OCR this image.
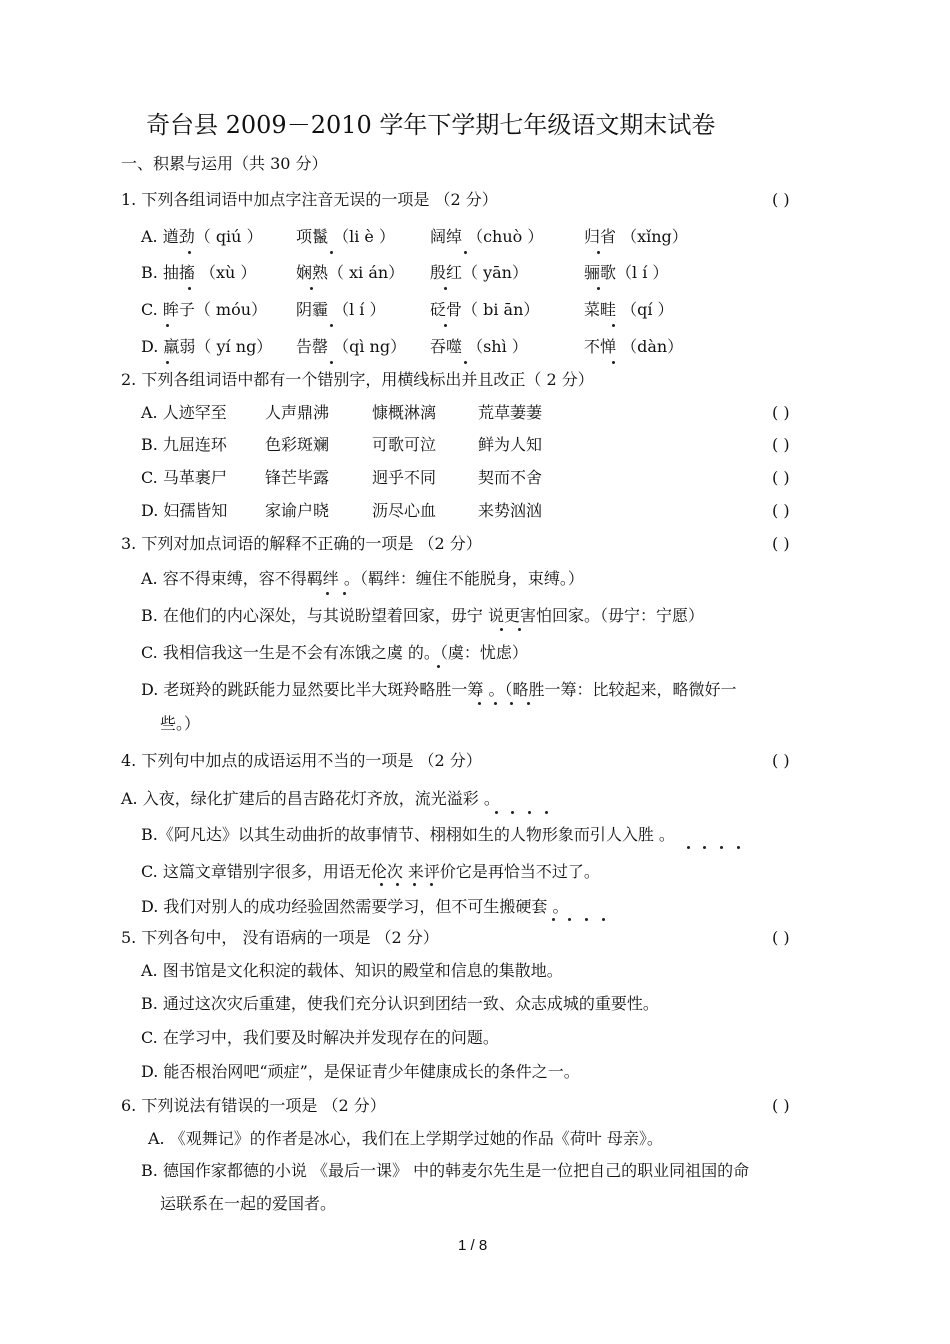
奇台县 2009－2010 学年下学期七年级语文期末试卷
一、积累与运用（共 30 分）
1. 下列各组词语中加点字注音无误的一项是 （2 分）	( )
A. 遒劲（ qiú ） 项鬣 （li è ） 阔绰 （chuò ）	归省 （xǐng）
B. 抽搐 （xù ） 娴熟（ xi án） 殷红（ yān）	骊歌（l í ）
C. 眸子（ móu） 阴霾 （l í ）	砭骨（ bi ān）	菜畦 （qí ）
D. 羸弱（ yí ng） 告罄 （qì ng） 吞噬 （shì ）	不惮 （dàn）
2. 下列各组词语中都有一个错别字，用横线标出并且改正（ 2 分）
A. 人迹罕至 人声鼎沸	慷概淋漓	荒草萋萋	( )
B. 九屈连环 色彩斑斓	可歌可泣	鲜为人知	( )
C. 马革裹尸 锋芒毕露	迥乎不同	契而不舍	( )
D. 妇孺皆知 家谕户晓	沥尽心血	来势汹汹	( )
3. 下列对加点词语的解释不正确的一项是 （2 分）	( )
A. 容不得束缚，容不得羁绊 。（羁绊：缠住不能脱身，束缚。）
B. 在他们的内心深处，与其说盼望着回家，毋宁 说更害怕回家。（毋宁：宁愿）
C. 我相信我这一生是不会有冻饿之虞 的。（虞：忧虑）
D. 老斑羚的跳跃能力显然要比半大斑羚略胜一筹 。（略胜一筹：比较起来，略微好一
些。）
4. 下列句中加点的成语运用不当的一项是 （2 分）	( )
A. 入夜，绿化扩建后的昌吉路花灯齐放，流光溢彩 。
B.《阿凡达》以其生动曲折的故事情节、栩栩如生的人物形象而引人入胜 。
C. 这篇文章错别字很多，用语无伦次 来评价它是再恰当不过了。
D. 我们对别人的成功经验固然需要学习，但不可生搬硬套 。
5. 下列各句中， 没有语病的一项是 （2 分）	( )
A. 图书馆是文化积淀的载体、知识的殿堂和信息的集散地。
B. 通过这次灾后重建，使我们充分认识到团结一致、众志成城的重要性。
C. 在学习中，我们要及时解决并发现存在的问题。
D. 能否根治网吧“顽症”，是保证青少年健康成长的条件之一。
6. 下列说法有错误的一项是 （2 分）	( )
A. 《观舞记》的作者是冰心，我们在上学期学过她的作品《荷叶 母亲》。
B. 德国作家都德的小说 《最后一课》 中的韩麦尔先生是一位把自己的职业同祖国的命
运联系在一起的爱国者。
1 / 8
